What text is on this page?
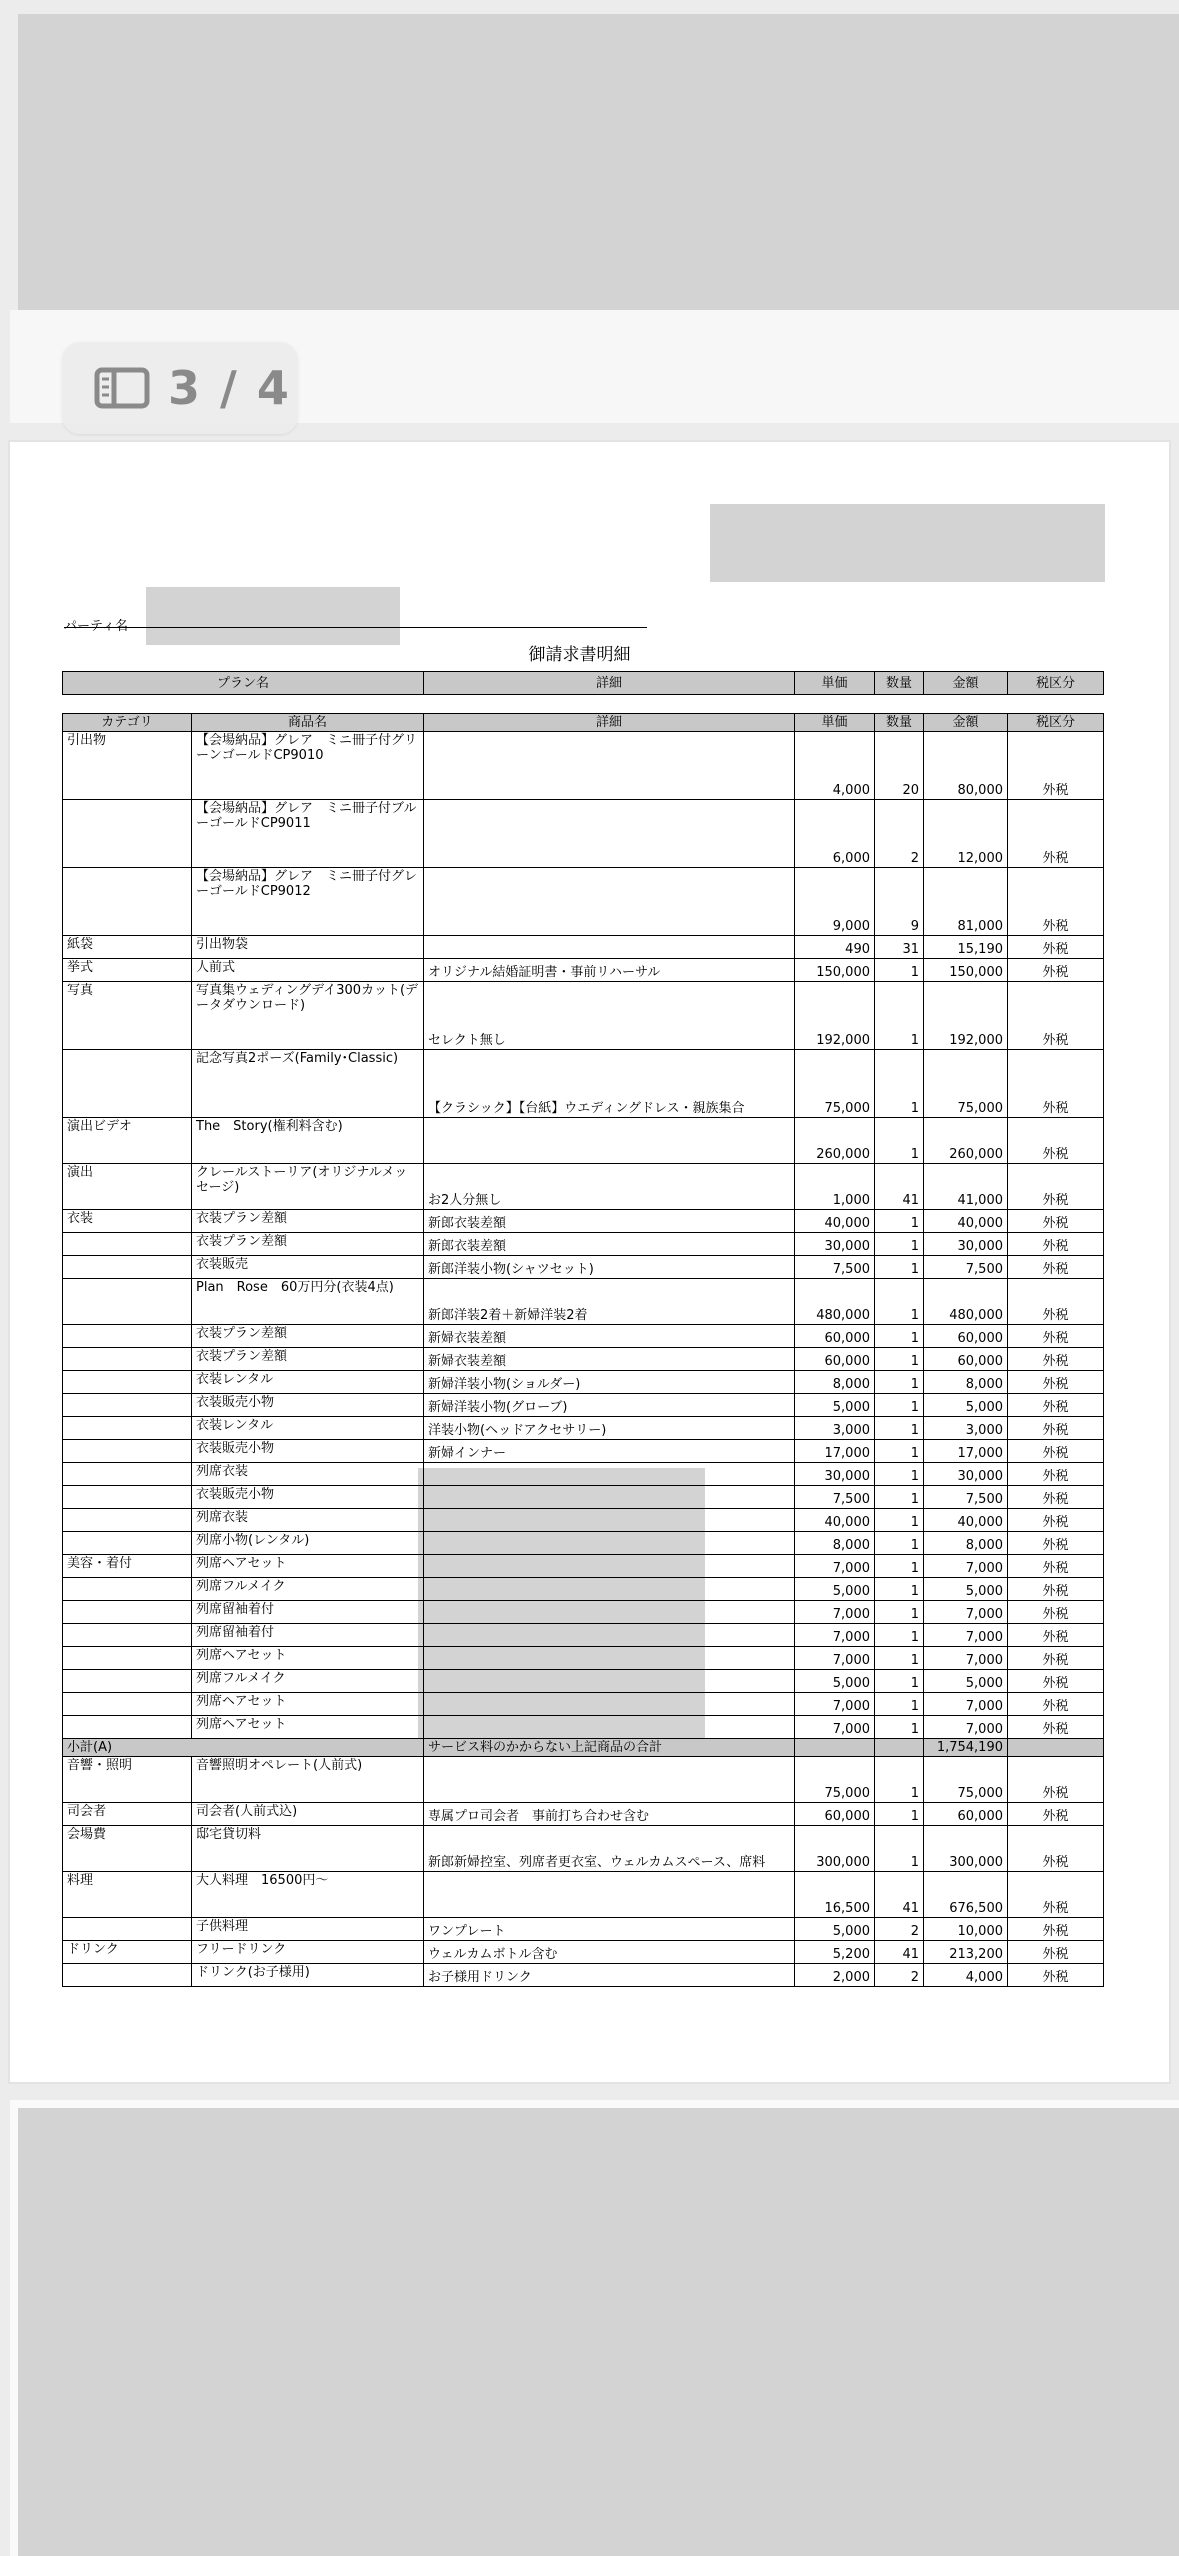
3 / 4
パーティ名
御請求書明細
プラン名	詳細	単価	数量	金額	税区分
カテゴリ	商品名	詳細	単価	数量	金額	税区分
引出物	【会場納品】グレア　ミニ冊子付グリーンゴールドCP9010		4,000	20	80,000	外税
	【会場納品】グレア　ミニ冊子付ブルーゴールドCP9011		6,000	2	12,000	外税
	【会場納品】グレア　ミニ冊子付グレーゴールドCP9012		9,000	9	81,000	外税
紙袋	引出物袋		490	31	15,190	外税
挙式	人前式	オリジナル結婚証明書・事前リハーサル	150,000	1	150,000	外税
写真	写真集ウェディングデイ300カット(データダウンロード)	セレクト無し	192,000	1	192,000	外税
	記念写真2ポーズ(Family･Classic)	【クラシック】【台紙】ウエディングドレス・親族集合	75,000	1	75,000	外税
演出ビデオ	The　Story(権利料含む)		260,000	1	260,000	外税
演出	クレールストーリア(オリジナルメッセージ)	お2人分無し	1,000	41	41,000	外税
衣装	衣装プラン差額	新郎衣装差額	40,000	1	40,000	外税
	衣装プラン差額	新郎衣装差額	30,000	1	30,000	外税
	衣装販売	新郎洋装小物(シャツセット)	7,500	1	7,500	外税
	Plan　Rose　60万円分(衣装4点)	新郎洋装2着＋新婦洋装2着	480,000	1	480,000	外税
	衣装プラン差額	新婦衣装差額	60,000	1	60,000	外税
	衣装プラン差額	新婦衣装差額	60,000	1	60,000	外税
	衣装レンタル	新婦洋装小物(ショルダー)	8,000	1	8,000	外税
	衣装販売小物	新婦洋装小物(グローブ)	5,000	1	5,000	外税
	衣装レンタル	洋装小物(ヘッドアクセサリー)	3,000	1	3,000	外税
	衣装販売小物	新婦インナー	17,000	1	17,000	外税
	列席衣装		30,000	1	30,000	外税
	衣装販売小物		7,500	1	7,500	外税
	列席衣装		40,000	1	40,000	外税
	列席小物(レンタル)		8,000	1	8,000	外税
美容・着付	列席ヘアセット		7,000	1	7,000	外税
	列席フルメイク		5,000	1	5,000	外税
	列席留袖着付		7,000	1	7,000	外税
	列席留袖着付		7,000	1	7,000	外税
	列席ヘアセット		7,000	1	7,000	外税
	列席フルメイク		5,000	1	5,000	外税
	列席ヘアセット		7,000	1	7,000	外税
	列席ヘアセット		7,000	1	7,000	外税
小計(A)		サービス料のかからない上記商品の合計			1,754,190	
音響・照明	音響照明オペレート(人前式)		75,000	1	75,000	外税
司会者	司会者(人前式込)	専属プロ司会者　事前打ち合わせ含む	60,000	1	60,000	外税
会場費	邸宅貸切料	新郎新婦控室、列席者更衣室、ウェルカムスペース、席料	300,000	1	300,000	外税
料理	大人料理　16500円～		16,500	41	676,500	外税
	子供料理	ワンプレート	5,000	2	10,000	外税
ドリンク	フリードリンク	ウェルカムボトル含む	5,200	41	213,200	外税
	ドリンク(お子様用)	お子様用ドリンク	2,000	2	4,000	外税
